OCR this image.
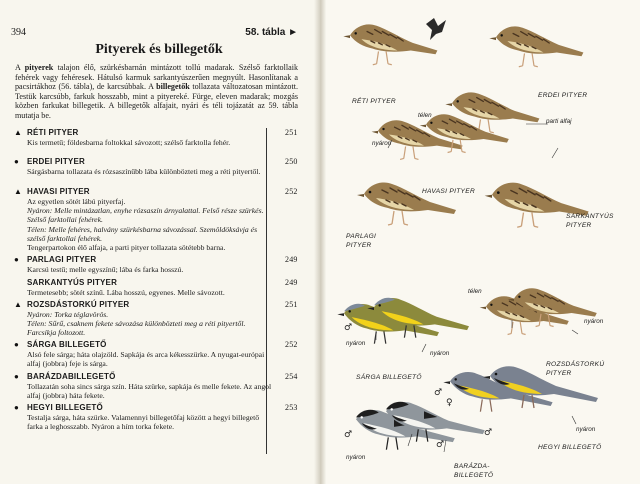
394	58. tábla ►
Pityerek és billegetők

A pityerek talajon élő, szürkésbarnán mintázott tollú madarak. Szélső farktollaik fehérek vagy fehéresek. Hátulsó karmuk sarkantyúszerűen megnyúlt. Hasonlítanak a pacsirtákhoz (56. tábla), de karcsúbbak. A billegetők tollazata változatosan mintázott. Testük karcsúbb, farkuk hosszabb, mint a pityereké. Fürge, eleven madarak; mozgás közben farkukat billegetik. A billegetők alfajait, nyári és téli tojázatát az 59. tábla mutatja be.

▲ RÉTI PITYER	251

Kis termetű; földesbarna foltokkal sávozott; szélső farktolla fehér.

● ERDEI PITYER	250

Sárgásbarna tollazata és rózsaszínűbb lába különbözteti meg a réti pityertől.

▲ HAVASI PITYER	252

Az egyetlen sötét lábú pityerfaj.

Nyáron: Melle mintázatlan, enyhe rózsaszín árnyalattal. Felső része szürkés. Szélső farktollai fehérek.

Télen: Melle fehéres, halvány szürkésbarna sávozással. Szemöldöksávja és szélső farktollai fehérek.

Tengerpartokon élő alfaja, a parti pityer tollazata sötétebb barna.

● PARLAGI PITYER	249

Karcsú testű; melle egyszínű; lába és farka hosszú.

SARKANTYÚS PITYER	249

Termetesebb; sötét színű. Lába hosszú, egyenes. Melle sávozott.

▲ ROZSDÁSTORKÚ PITYER	251

Nyáron: Torka téglavörös.

Télen: Sűrű, csaknem fekete sávozása különbözteti meg a réti pityertől. Farcsíkja foltozott.

● SÁRGA BILLEGETŐ	252

Alsó fele sárga; háta olajzöld. Sapkája és arca kékesszürke. A nyugat-európai alfaj (jobbra) feje is sárga.

● BARÁZDABILLEGETŐ	254

Tollazatán soha sincs sárga szín. Háta szürke, sapkája és melle fekete. Az angol alfaj (jobbra) háta fekete.

● HEGYI BILLEGETŐ	253

Testalja sárga, háta szürke. Valamennyi billegetőfaj között a hegyi billegető farka a leghosszabb. Nyáron a hím torka fekete.

RÉTI PITYER
ERDEI PITYER
télen
parti alfaj
nyáron
HAVASI PITYER
PARLAGI
PITYER
SARKANTYÚS
PITYER
télen
nyáron
ROZSDÁSTORKÚ
PITYER
nyáron
nyáron
SÁRGA BILLEGETŐ
HEGYI BILLEGETŐ
nyáron
nyáron
BARÁZDA-
BILLEGETŐ
♂
♂
♀
♂
♂
♂
